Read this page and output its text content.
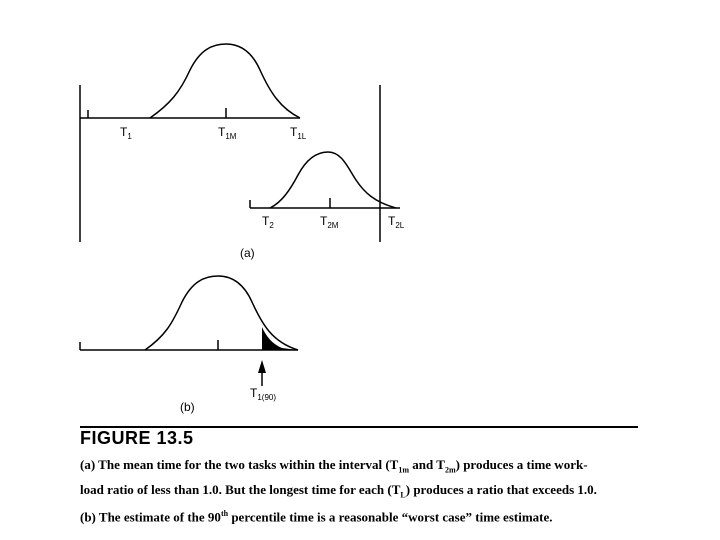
$T_1$	$T_{1M}$	$T_{1L}$
$T_2$	$T_{2M}$	$T_{2L}$
(a)
$T_{1(90)}$
(b)
FIGURE 13.5

(a) The mean time for the two tasks within the interval ($T_{1m}$ and $T_{2m}$) produces a time work-

load ratio of less than 1.0. But the longest time for each $(T_L)$ produces a ratio that exceeds 1.0.

(b) The estimate of the 90th percentile time is a reasonable “worst case” time estimate.
